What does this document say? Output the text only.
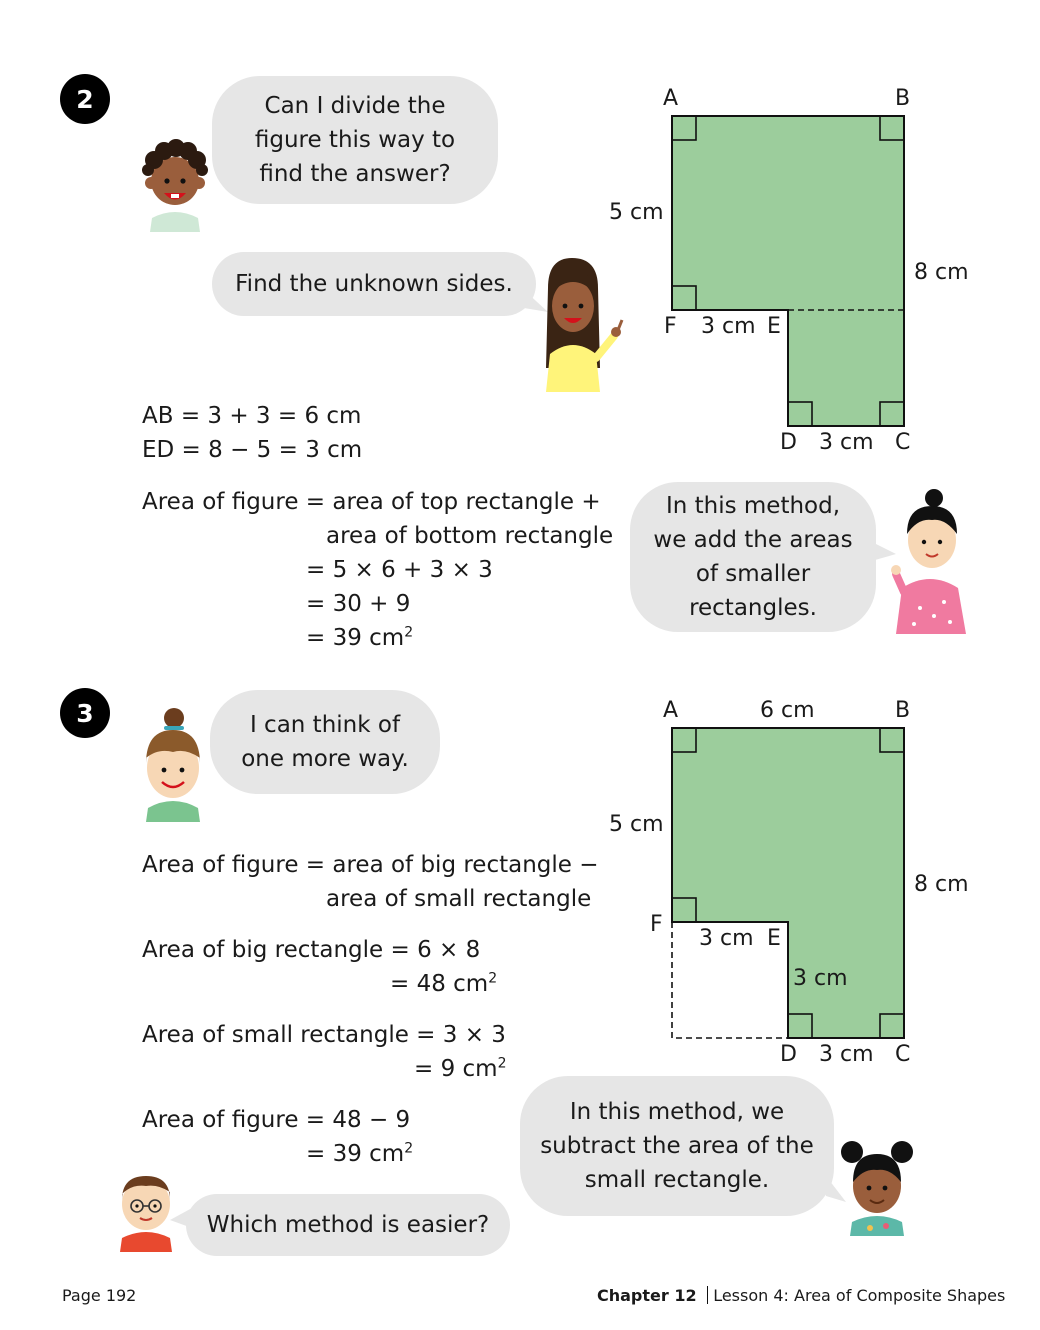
2	Can I divide the figure this way to find the answer?
Find the unknown sides.
A	B
5 cm
8 cm
F 3 cm E
D 3 cm C
AB = 3 + 3 = 6 cm
ED = 8 − 5 = 3 cm
Area of figure = area of top rectangle +
area of bottom rectangle
= 5 × 6 + 3 × 3
= 30 + 9
= 39 $cm^2$
In this method, we add the areas of smaller rectangles.
3	I can think of one more way.
A	6 cm	B
5 cm
8 cm
F
3 cm E
3 cm
D 3 cm C
Area of figure = area of big rectangle −
area of small rectangle
Area of big rectangle = 6 × 8
= 48 $cm^2$
Area of small rectangle = 3 × 3
= 9 $cm^2$
Area of figure = 48 − 9
= 39 $cm^2$
In this method, we subtract the area of the small rectangle.
Which method is easier?
Page 192	Chapter 12 Lesson 4: Area of Composite Shapes
